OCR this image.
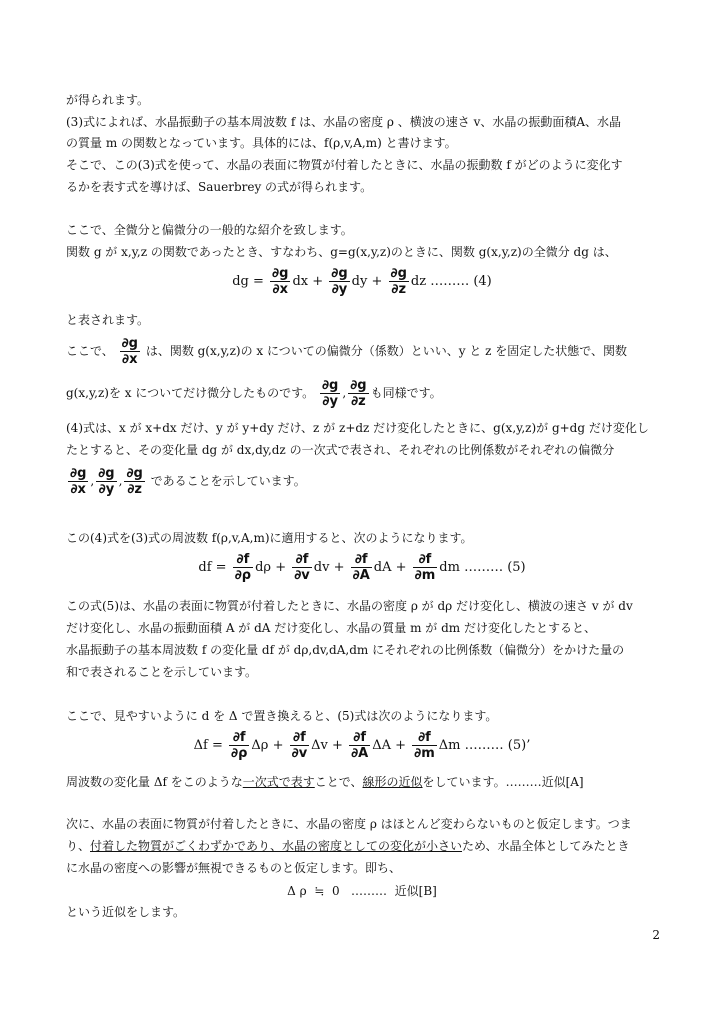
が得られます。
(3)式によれば、水晶振動子の基本周波数 f は、水晶の密度 ρ 、横波の速さ v、水晶の振動面積A、水晶
の質量 m の関数となっています。具体的には、f(ρ,v,A,m) と書けます。
そこで、この(3)式を使って、水晶の表面に物質が付着したときに、水晶の振動数 f がどのように変化す
るかを表す式を導けば、Sauerbrey の式が得られます。
ここで、全微分と偏微分の一般的な紹介を致します。
関数 g が x,y,z の関数であったとき、すなわち、g=g(x,y,z)のときに、関数 g(x,y,z)の全微分 dg は、
dg = $\frac{\partial g}{\partial x}$ dx + $\frac{\partial g}{\partial y}$ dy + $\frac{\partial g}{\partial z}$ dz ……… (4)
と表されます。
ここで、 $\frac{\partial g}{\partial x}$ は、関数 g(x,y,z)の x についての偏微分（係数）といい、y と z を固定した状態で、関数
g(x,y,z)を x についてだけ微分したものです。 $\frac{\partial g}{\partial y}$ , $\frac{\partial g}{\partial z}$ も同様です。
(4)式は、x が x+dx だけ、y が y+dy だけ、z が z+dz だけ変化したときに、g(x,y,z)が g+dg だけ変化し
たとすると、その変化量 dg が dx,dy,dz の一次式で表され、それぞれの比例係数がそれぞれの偏微分
$\frac{\partial g}{\partial x}$ , $\frac{\partial g}{\partial y}$ , $\frac{\partial g}{\partial z}$ であることを示しています。
この(4)式を(3)式の周波数 f(ρ,v,A,m)に適用すると、次のようになります。
df = $\frac{\partial f}{\partial\rho}$ $d\rho + \frac{\partial f}{\partial v}$ dv + $\frac{\partial f}{\partial A}$ dA + $\frac{\partial f}{\partial m}$ dm ……… (5)
この式(5)は、水晶の表面に物質が付着したときに、水晶の密度 ρ が dρ だけ変化し、横波の速さ v が dv
だけ変化し、水晶の振動面積 A が dA だけ変化し、水晶の質量 m が dm だけ変化したとすると、
水晶振動子の基本周波数 f の変化量 df が dρ,dv,dA,dm にそれぞれの比例係数（偏微分）をかけた量の
和で表されることを示しています。
ここで、見やすいように d を Δ で置き換えると、(5)式は次のようになります。
$\Delta f = \frac{\partial f}{\partial\rho}$ $\Delta\rho + \frac{\partial f}{\partial v}$ $\Delta v + \frac{\partial f}{\partial A}$ $\Delta A + \frac{\partial f}{\partial m}$ Δm ……… (5)’
周波数の変化量 Δf をこのような一次式で表すことで、線形の近似をしています。………近似[A]
次に、水晶の表面に物質が付着したときに、水晶の密度 ρ はほとんど変わらないものと仮定します。つま
り、付着した物質がごくわずかであり、水晶の密度としての変化が小さいため、水晶全体としてみたとき
に水晶の密度への影響が無視できるものと仮定します。即ち、
Δ ρ  ≒  0   ………  近似[B]
という近似をします。
2
